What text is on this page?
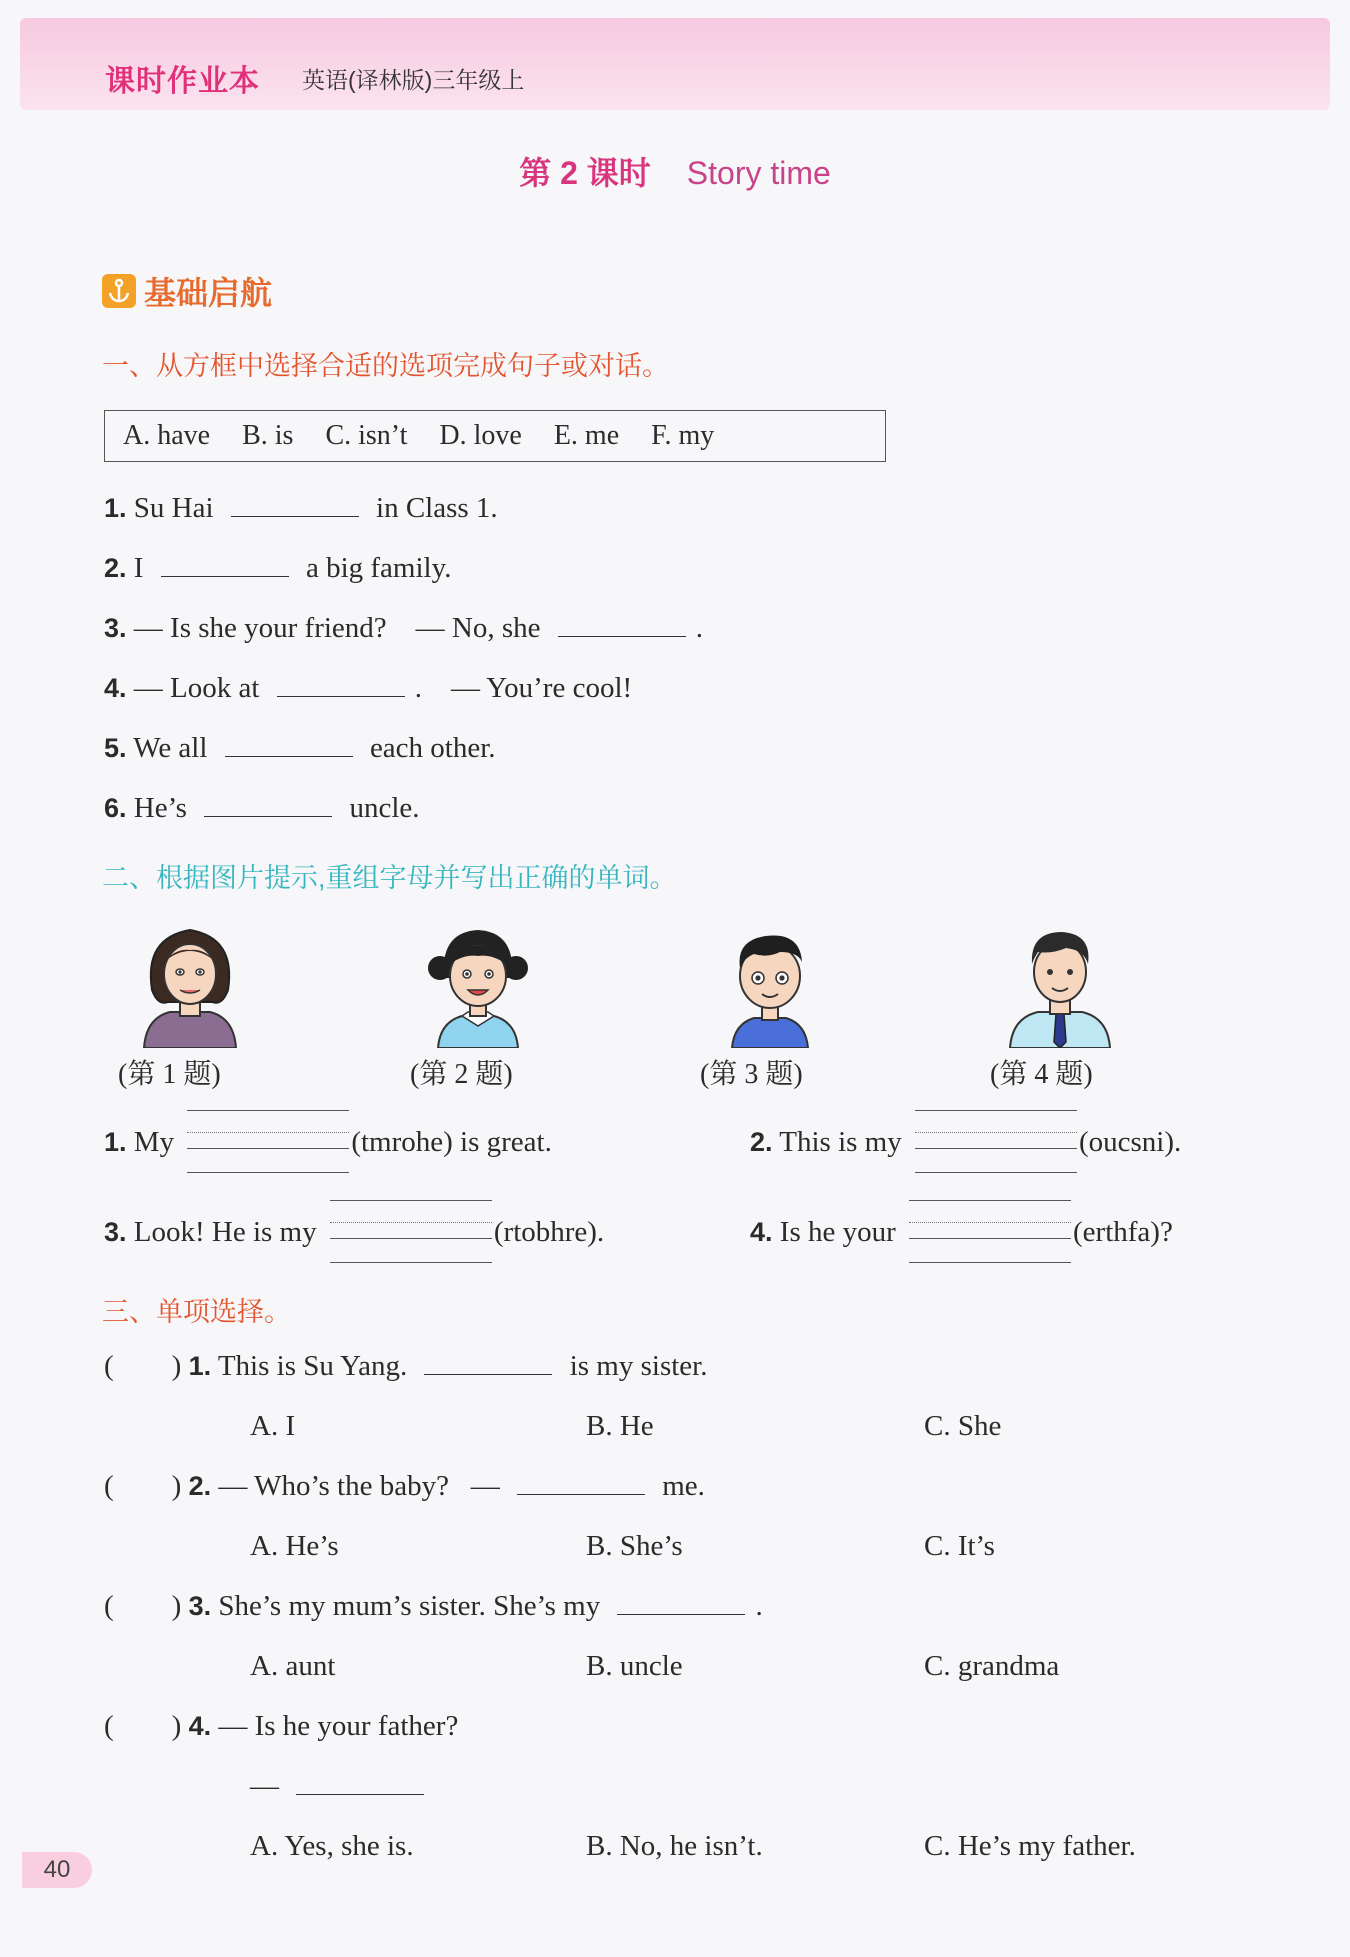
课时作业本 英语(译林版)三年级上
第 2 课时 Story time
基础启航
一、从方框中选择合适的选项完成句子或对话。
A. have B. is C. isn’t D. love E. me F. my
1. Su Hai	in Class 1.
2. I	a big family.
3. — Is she your friend?    — No, she	.
4. — Look at	.    — You’re cool!
5. We all	each other.
6. He’s	uncle.
二、根据图片提示,重组字母并写出正确的单词。
(第 1 题)	(第 2 题)	(第 3 题)	(第 4 题)
1. My	(tmrohe) is great.	2. This is my	(oucsni).
3. Look! He is my	(rtobhre).	4. Is he your	(erthfa)?
三、单项选择。
(        ) 1. This is Su Yang.	is my sister.
A. I	B. He	C. She
(        ) 2. — Who’s the baby?   —	me.
A. He’s	B. She’s	C. It’s
(        ) 3. She’s my mum’s sister. She’s my	.
A. aunt	B. uncle	C. grandma
(        ) 4. — Is he your father?
—
A. Yes, she is.	B. No, he isn’t.	C. He’s my father.
40
